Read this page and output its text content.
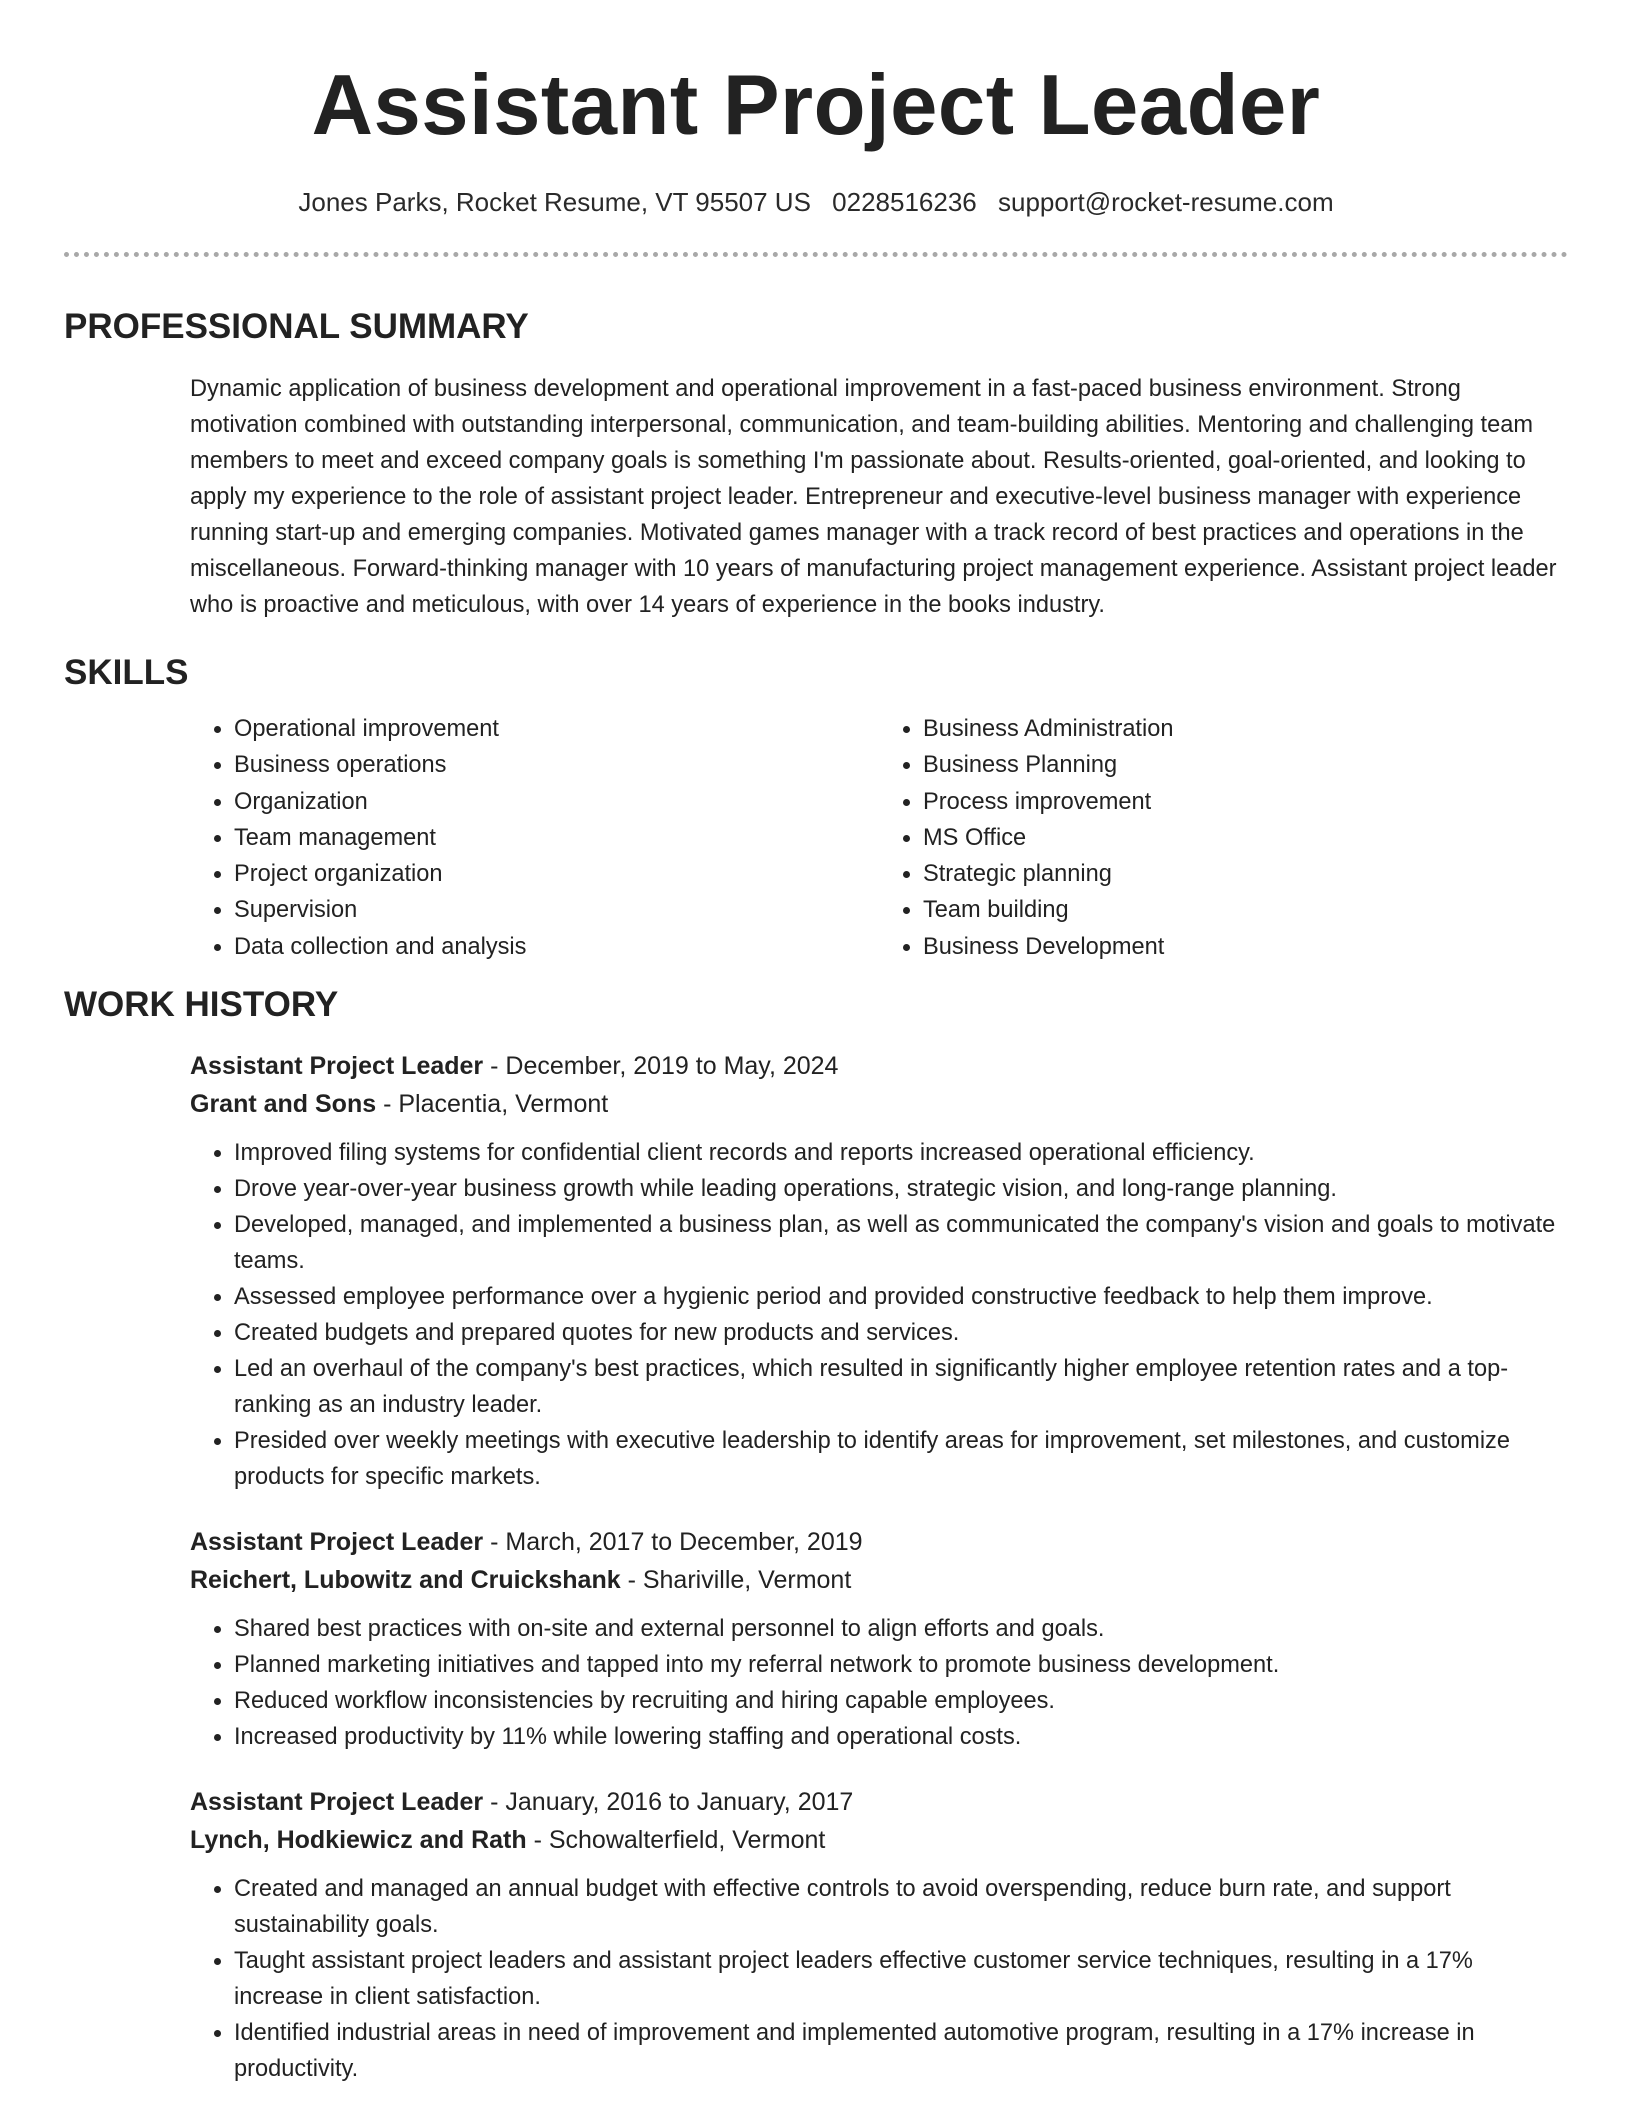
Assistant Project Leader
Jones Parks, Rocket Resume, VT 95507 US 0228516236 support@rocket-resume.com
PROFESSIONAL SUMMARY

Dynamic application of business development and operational improvement in a fast-paced business environment. Strong motivation combined with outstanding interpersonal, communication, and team-building abilities. Mentoring and challenging team members to meet and exceed company goals is something I'm passionate about. Results-oriented, goal-oriented, and looking to apply my experience to the role of assistant project leader. Entrepreneur and executive-level business manager with experience running start-up and emerging companies. Motivated games manager with a track record of best practices and operations in the miscellaneous. Forward-thinking manager with 10 years of manufacturing project management experience. Assistant project leader who is proactive and meticulous, with over 14 years of experience in the books industry.

SKILLS
• Operational improvement
• Business operations
• Organization
• Team management
• Project organization
• Supervision
• Data collection and analysis
• Business Administration
• Business Planning
• Process improvement
• MS Office
• Strategic planning
• Team building
• Business Development
WORK HISTORY
Assistant Project Leader - December, 2019 to May, 2024
Grant and Sons - Placentia, Vermont
• Improved filing systems for confidential client records and reports increased operational efficiency.
• Drove year-over-year business growth while leading operations, strategic vision, and long-range planning.
• Developed, managed, and implemented a business plan, as well as communicated the company's vision and goals to motivate teams.
• Assessed employee performance over a hygienic period and provided constructive feedback to help them improve.
• Created budgets and prepared quotes for new products and services.
• Led an overhaul of the company's best practices, which resulted in significantly higher employee retention rates and a top-ranking as an industry leader.
• Presided over weekly meetings with executive leadership to identify areas for improvement, set milestones, and customize products for specific markets.
Assistant Project Leader - March, 2017 to December, 2019
Reichert, Lubowitz and Cruickshank - Shariville, Vermont
• Shared best practices with on-site and external personnel to align efforts and goals.
• Planned marketing initiatives and tapped into my referral network to promote business development.
• Reduced workflow inconsistencies by recruiting and hiring capable employees.
• Increased productivity by 11% while lowering staffing and operational costs.
Assistant Project Leader - January, 2016 to January, 2017
Lynch, Hodkiewicz and Rath - Schowalterfield, Vermont
• Created and managed an annual budget with effective controls to avoid overspending, reduce burn rate, and support sustainability goals.
• Taught assistant project leaders and assistant project leaders effective customer service techniques, resulting in a 17% increase in client satisfaction.
• Identified industrial areas in need of improvement and implemented automotive program, resulting in a 17% increase in productivity.
